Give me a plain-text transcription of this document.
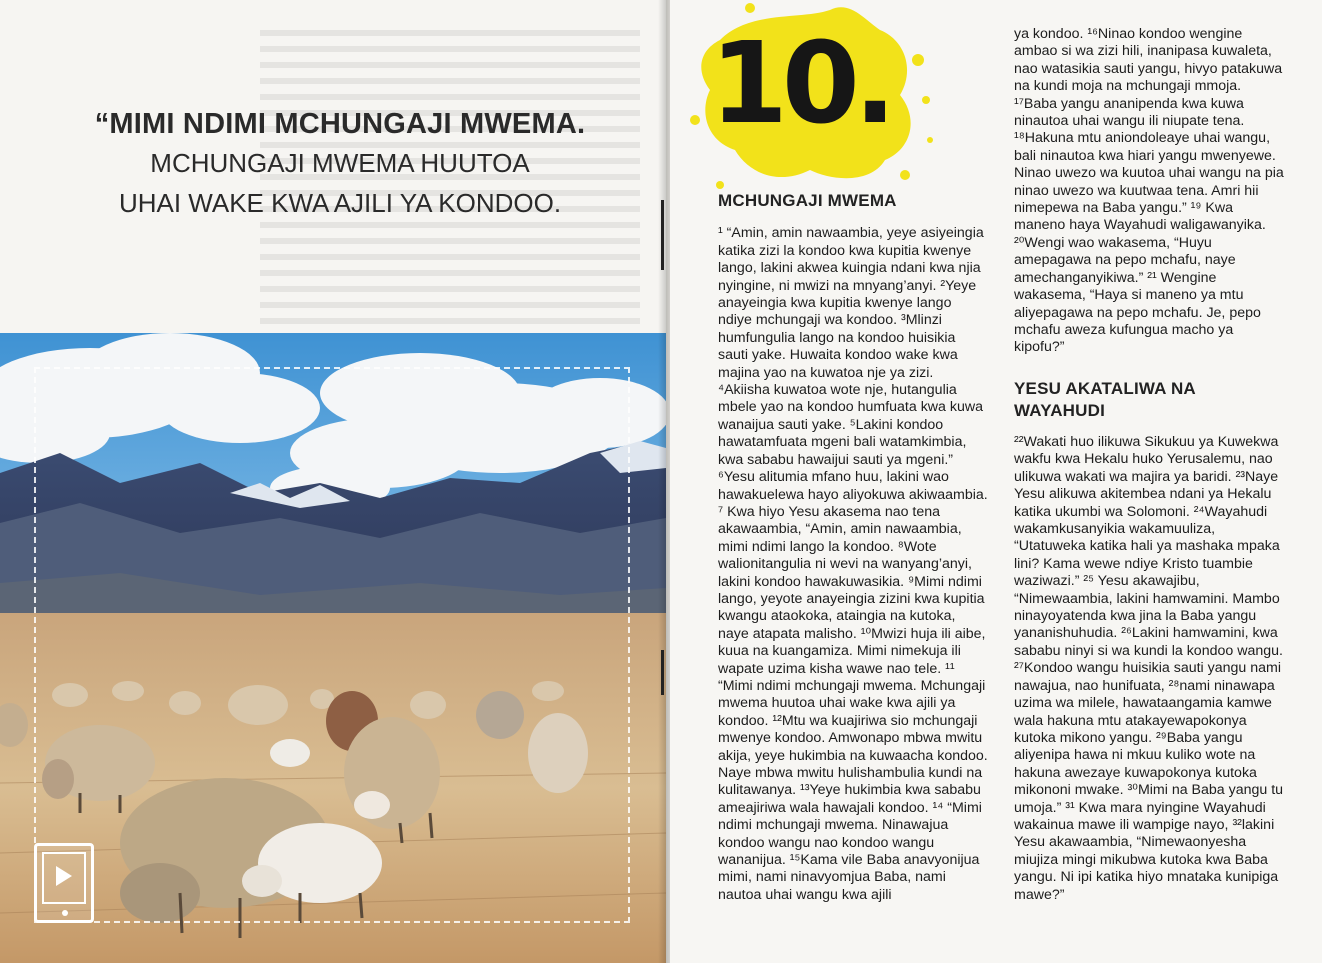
“MIMI NDIMI MCHUNGAJI MWEMA.
MCHUNGAJI MWEMA HUUTOA
UHAI WAKE KWA AJILI YA KONDOO.
10.
MCHUNGAJI MWEMA

¹ “Amin, amin nawaambia, yeye asiyeingia katika zizi la kondoo kwa kupitia kwenye lango, lakini akwea kuingia ndani kwa njia nyingine, ni mwizi na mnyang’anyi. ²Yeye anayeingia kwa kupitia kwenye lango ndiye mchungaji wa kondoo. ³Mlinzi humfungulia lango na kondoo huisikia sauti yake. Huwaita kondoo wake kwa majina yao na kuwatoa nje ya zizi. ⁴Akiisha kuwatoa wote nje, hutangulia mbele yao na kondoo humfuata kwa kuwa wanaijua sauti yake. ⁵Lakini kondoo hawatamfuata mgeni bali watamkimbia, kwa sababu hawaijui sauti ya mgeni.” ⁶Yesu alitumia mfano huu, lakini wao hawakuelewa hayo aliyokuwa akiwaambia. ⁷ Kwa hiyo Yesu akasema nao tena akawaambia, “Amin, amin nawaambia, mimi ndimi lango la kondoo. ⁸Wote walionitangulia ni wevi na wanyang’anyi, lakini kondoo hawakuwasikia. ⁹Mimi ndimi lango, yeyote anayeingia zizini kwa kupitia kwangu ataokoka, ataingia na kutoka, naye atapata malisho. ¹⁰Mwizi huja ili aibe, kuua na kuangamiza. Mimi nimekuja ili wapate uzima kisha wawe nao tele. ¹¹ “Mimi ndimi mchungaji mwema. Mchungaji mwema huutoa uhai wake kwa ajili ya kondoo. ¹²Mtu wa kuajiriwa sio mchungaji mwenye kondoo. Amwonapo mbwa mwitu akija, yeye hukimbia na kuwaacha kondoo. Naye mbwa mwitu hulishambulia kundi na kulitawanya. ¹³Yeye hukimbia kwa sababu ameajiriwa wala hawajali kondoo. ¹⁴ “Mimi ndimi mchungaji mwema. Ninawajua kondoo wangu nao kondoo wangu wananijua. ¹⁵Kama vile Baba anavyonijua mimi, nami ninavyomjua Baba, nami nautoa uhai wangu kwa ajili

ya kondoo. ¹⁶Ninao kondoo wengine ambao si wa zizi hili, inanipasa kuwaleta, nao watasikia sauti yangu, hivyo patakuwa na kundi moja na mchungaji mmoja. ¹⁷Baba yangu ananipenda kwa kuwa ninautoa uhai wangu ili niupate tena. ¹⁸Hakuna mtu aniondoleaye uhai wangu, bali ninautoa kwa hiari yangu mwenyewe. Ninao uwezo wa kuutoa uhai wangu na pia ninao uwezo wa kuutwaa tena. Amri hii nimepewa na Baba yangu.” ¹⁹ Kwa maneno haya Wayahudi waligawanyika. ²⁰Wengi wao wakasema, “Huyu amepagawa na pepo mchafu, naye amechanganyikiwa.” ²¹ Wengine wakasema, “Haya si maneno ya mtu aliyepagawa na pepo mchafu. Je, pepo mchafu aweza kufungua macho ya kipofu?”

YESU AKATALIWA NA WAYAHUDI

²²Wakati huo ilikuwa Sikukuu ya Kuwekwa wakfu kwa Hekalu huko Yerusalemu, nao ulikuwa wakati wa majira ya baridi. ²³Naye Yesu alikuwa akitembea ndani ya Hekalu katika ukumbi wa Solomoni. ²⁴Wayahudi wakamkusanyikia wakamuuliza, “Utatuweka katika hali ya mashaka mpaka lini? Kama wewe ndiye Kristo tuambie waziwazi.” ²⁵ Yesu akawajibu, “Nimewaambia, lakini hamwamini. Mambo ninayoyatenda kwa jina la Baba yangu yananishuhudia. ²⁶Lakini hamwamini, kwa sababu ninyi si wa kundi la kondoo wangu. ²⁷Kondoo wangu huisikia sauti yangu nami nawajua, nao hunifuata, ²⁸nami ninawapa uzima wa milele, hawataangamia kamwe wala hakuna mtu atakayewapokonya kutoka mikono yangu. ²⁹Baba yangu aliyenipa hawa ni mkuu kuliko wote na hakuna awezaye kuwapokonya kutoka mikononi mwake. ³⁰Mimi na Baba yangu tu umoja.” ³¹ Kwa mara nyingine Wayahudi wakainua mawe ili wampige nayo, ³²lakini Yesu akawaambia, “Nimewaonyesha miujiza mingi mikubwa kutoka kwa Baba yangu. Ni ipi katika hiyo mnataka kunipiga mawe?”
